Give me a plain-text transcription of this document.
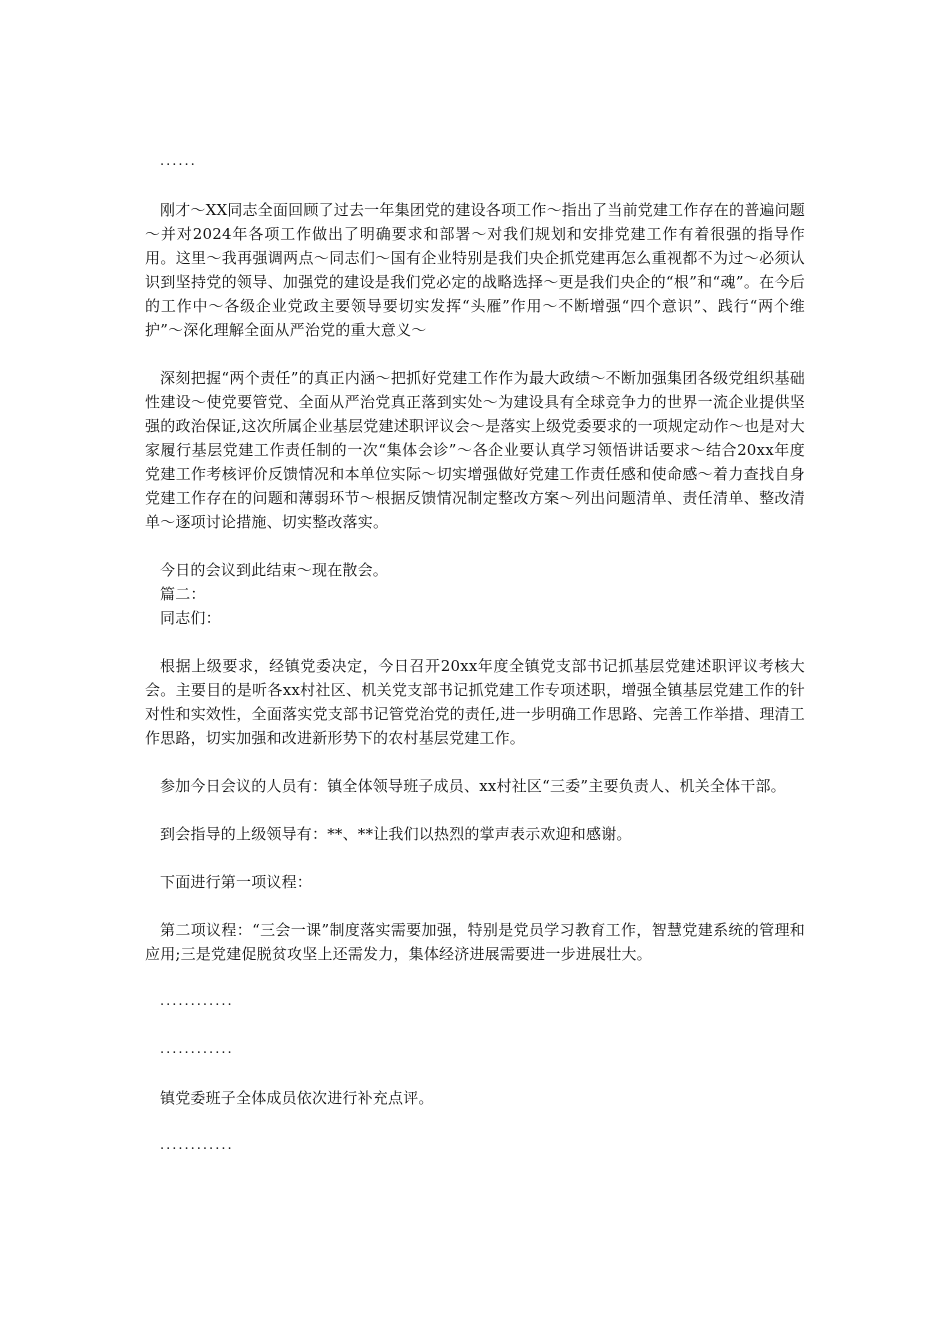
......

刚才～XX同志全面回顾了过去一年集团党的建设各项工作～指出了当前党建工作存在的普遍问题～并对2024年各项工作做出了明确要求和部署～对我们规划和安排党建工作有着很强的指导作用。这里～我再强调两点～同志们～国有企业特别是我们央企抓党建再怎么重视都不为过～必须认识到坚持党的领导、加强党的建设是我们党必定的战略选择～更是我们央企的“根”和“魂”。在今后的工作中～各级企业党政主要领导要切实发挥“头雁”作用～不断增强“四个意识”、践行“两个维护”～深化理解全面从严治党的重大意义～

深刻把握“两个责任”的真正内涵～把抓好党建工作作为最大政绩～不断加强集团各级党组织基础性建设～使党要管党、全面从严治党真正落到实处～为建设具有全球竞争力的世界一流企业提供坚强的政治保证,这次所属企业基层党建述职评议会～是落实上级党委要求的一项规定动作～也是对大家履行基层党建工作责任制的一次“集体会诊”～各企业要认真学习领悟讲话要求～结合20xx年度党建工作考核评价反馈情况和本单位实际～切实增强做好党建工作责任感和使命感～着力查找自身党建工作存在的问题和薄弱环节～根据反馈情况制定整改方案～列出问题清单、责任清单、整改清单～逐项讨论措施、切实整改落实。

今日的会议到此结束～现在散会。

篇二：

同志们：

根据上级要求，经镇党委决定，今日召开20xx年度全镇党支部书记抓基层党建述职评议考核大会。主要目的是听各xx村社区、机关党支部书记抓党建工作专项述职，增强全镇基层党建工作的针对性和实效性，全面落实党支部书记管党治党的责任,进一步明确工作思路、完善工作举措、理清工作思路，切实加强和改进新形势下的农村基层党建工作。

参加今日会议的人员有：镇全体领导班子成员、xx村社区“三委”主要负责人、机关全体干部。

到会指导的上级领导有：**、**让我们以热烈的掌声表示欢迎和感谢。

下面进行第一项议程：

第二项议程：“三会一课”制度落实需要加强，特别是党员学习教育工作，智慧党建系统的管理和应用;三是党建促脱贫攻坚上还需发力，集体经济进展需要进一步进展壮大。

............

............

镇党委班子全体成员依次进行补充点评。

............
